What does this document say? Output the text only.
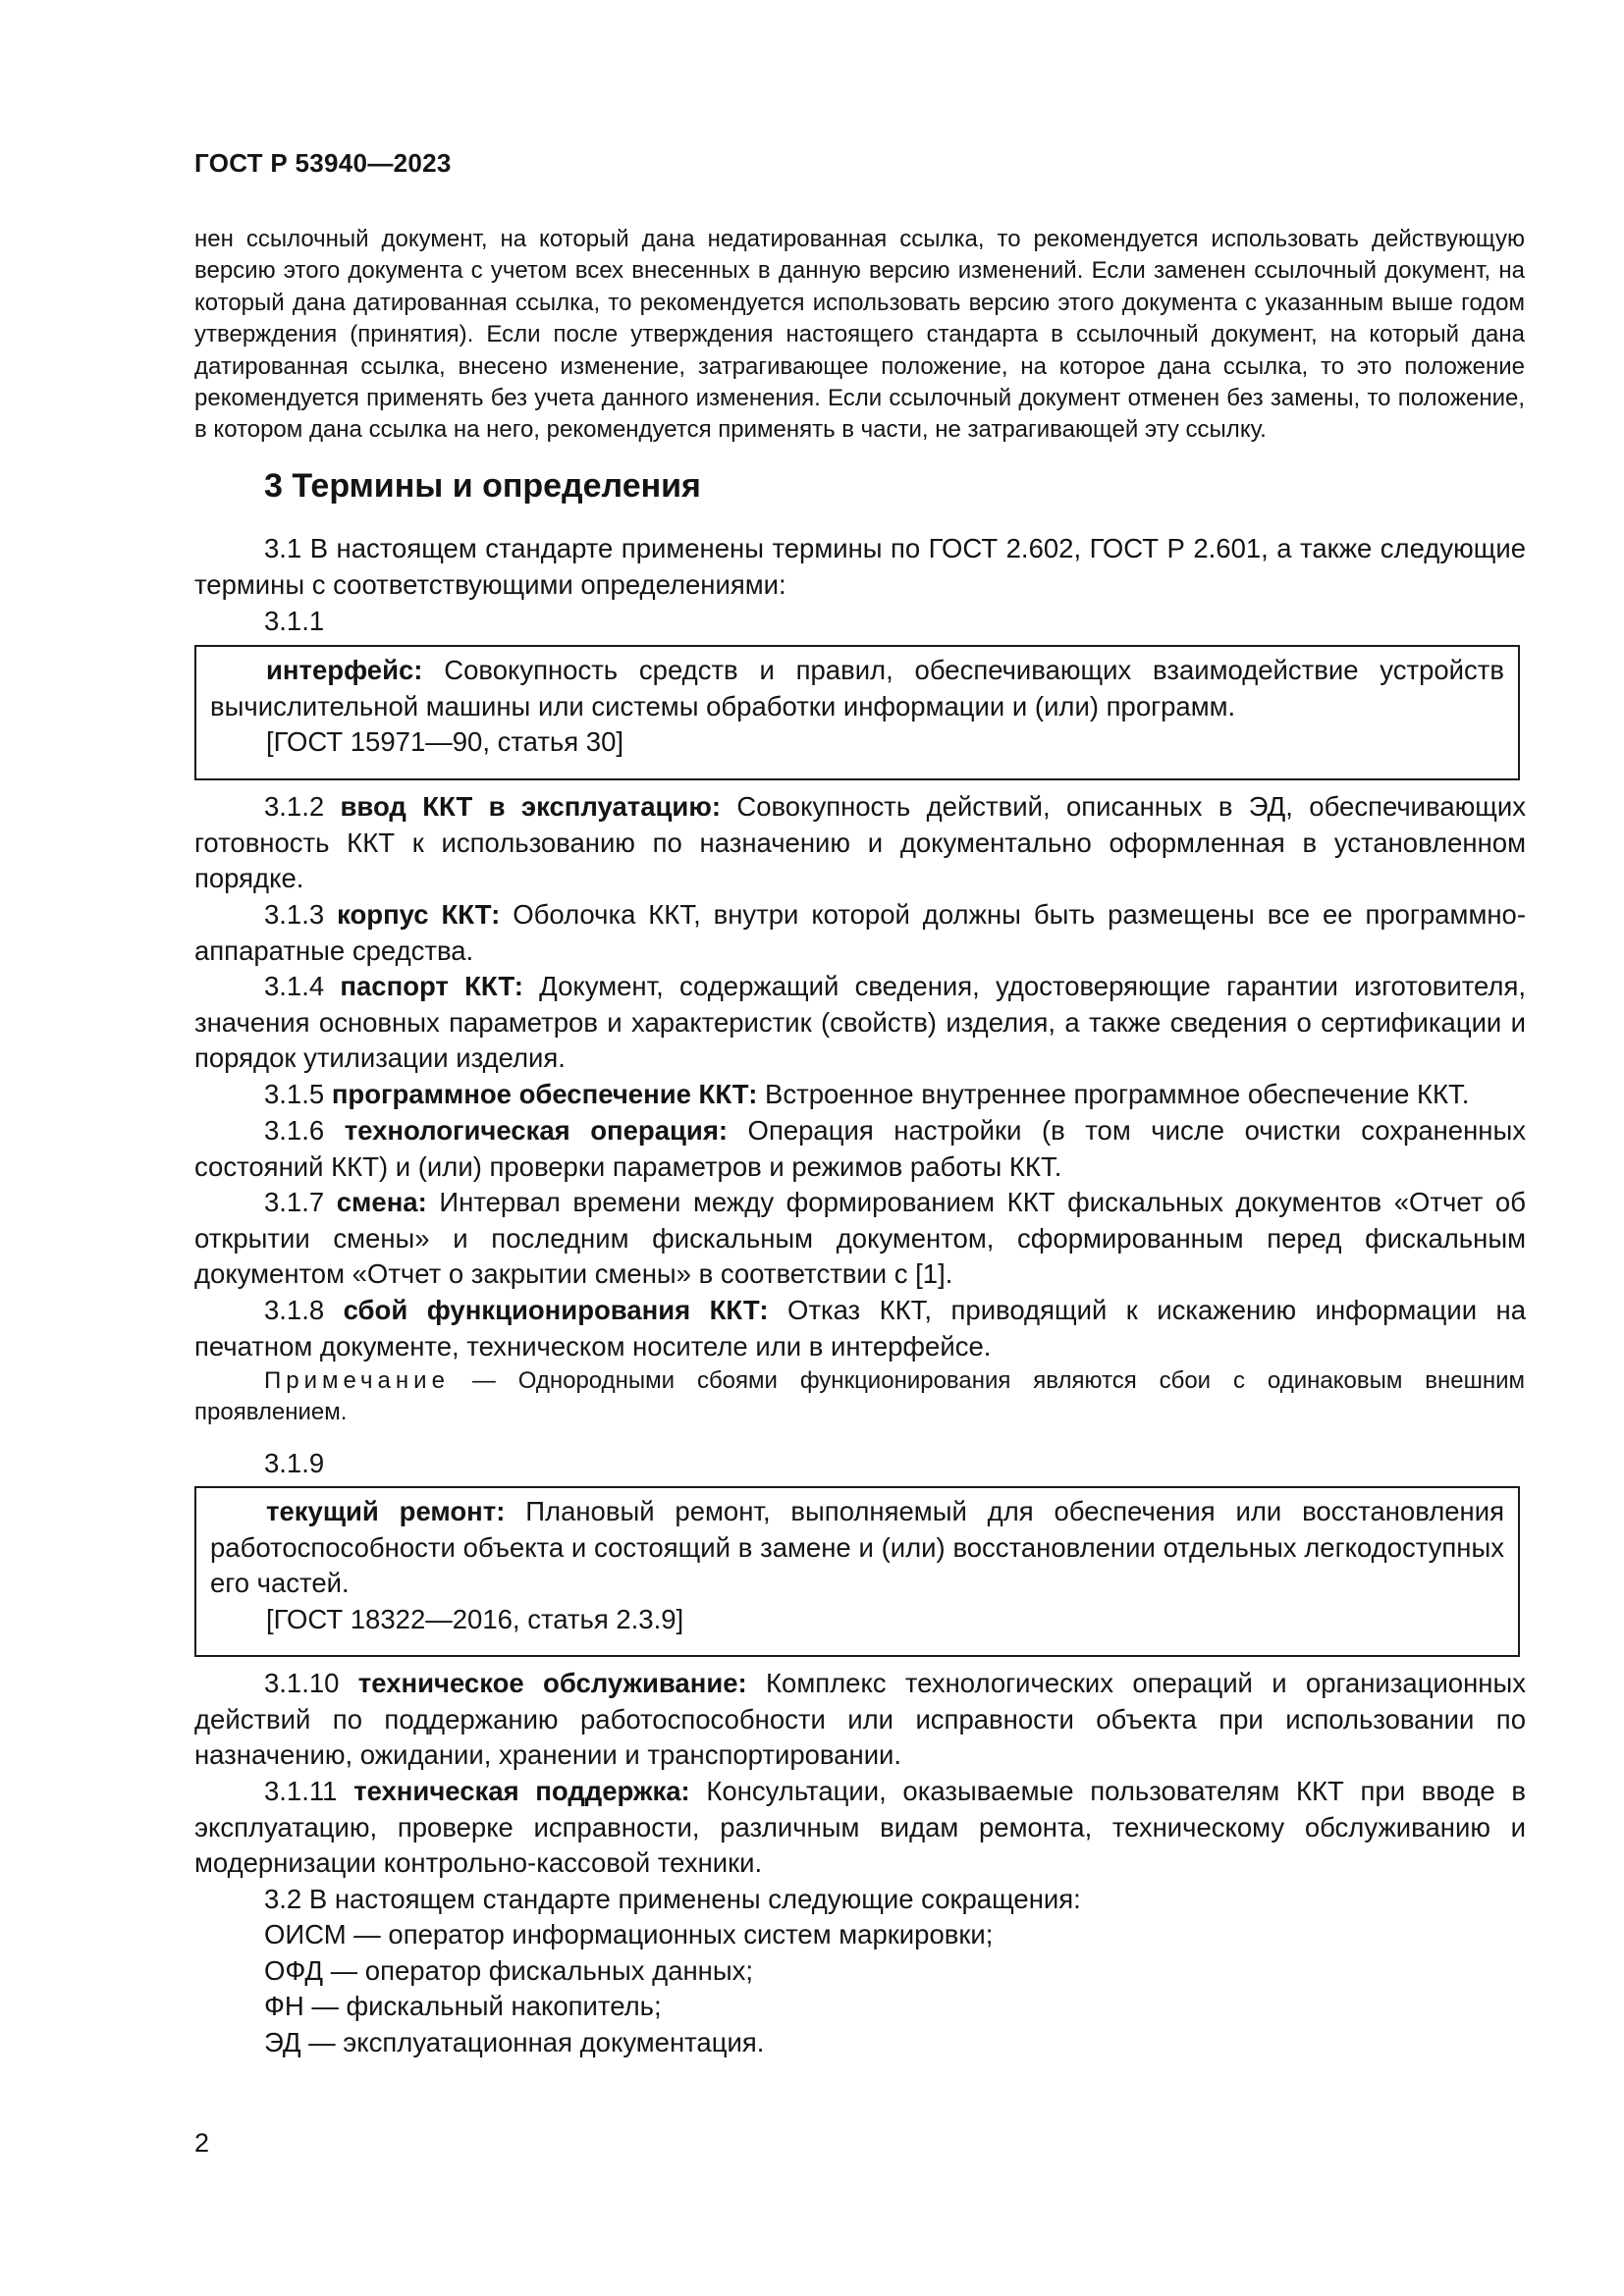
ГОСТ Р 53940—2023
нен ссылочный документ, на который дана недатированная ссылка, то рекомендуется использовать действующую версию этого документа с учетом всех внесенных в данную версию изменений. Если заменен ссылочный документ, на который дана датированная ссылка, то рекомендуется использовать версию этого документа с указанным выше годом утверждения (принятия). Если после утверждения настоящего стандарта в ссылочный документ, на который дана датированная ссылка, внесено изменение, затрагивающее положение, на которое дана ссылка, то это положение рекомендуется применять без учета данного изменения. Если ссылочный документ отменен без замены, то положение, в котором дана ссылка на него, рекомендуется применять в части, не затрагивающей эту ссылку.
3 Термины и определения
3.1 В настоящем стандарте применены термины по ГОСТ 2.602, ГОСТ Р 2.601, а также следующие термины с соответствующими определениями:
3.1.1
интерфейс: Совокупность средств и правил, обеспечивающих взаимодействие устройств вычислительной машины или системы обработки информации и (или) программ.
[ГОСТ 15971—90, статья 30]
3.1.2 ввод ККТ в эксплуатацию: Совокупность действий, описанных в ЭД, обеспечивающих готовность ККТ к использованию по назначению и документально оформленная в установленном порядке.
3.1.3 корпус ККТ: Оболочка ККТ, внутри которой должны быть размещены все ее программно-аппаратные средства.
3.1.4 паспорт ККТ: Документ, содержащий сведения, удостоверяющие гарантии изготовителя, значения основных параметров и характеристик (свойств) изделия, а также сведения о сертификации и порядок утилизации изделия.
3.1.5 программное обеспечение ККТ: Встроенное внутреннее программное обеспечение ККТ.
3.1.6 технологическая операция: Операция настройки (в том числе очистки сохраненных состояний ККТ) и (или) проверки параметров и режимов работы ККТ.
3.1.7 смена: Интервал времени между формированием ККТ фискальных документов «Отчет об открытии смены» и последним фискальным документом, сформированным перед фискальным документом «Отчет о закрытии смены» в соответствии с [1].
3.1.8 сбой функционирования ККТ: Отказ ККТ, приводящий к искажению информации на печатном документе, техническом носителе или в интерфейсе.
Примечание — Однородными сбоями функционирования являются сбои с одинаковым внешним проявлением.
3.1.9
текущий ремонт: Плановый ремонт, выполняемый для обеспечения или восстановления работоспособности объекта и состоящий в замене и (или) восстановлении отдельных легкодоступных его частей.
[ГОСТ 18322—2016, статья 2.3.9]
3.1.10 техническое обслуживание: Комплекс технологических операций и организационных действий по поддержанию работоспособности или исправности объекта при использовании по назначению, ожидании, хранении и транспортировании.
3.1.11 техническая поддержка: Консультации, оказываемые пользователям ККТ при вводе в эксплуатацию, проверке исправности, различным видам ремонта, техническому обслуживанию и модернизации контрольно-кассовой техники.
3.2 В настоящем стандарте применены следующие сокращения:
ОИСМ — оператор информационных систем маркировки;
ОФД — оператор фискальных данных;
ФН — фискальный накопитель;
ЭД — эксплуатационная документация.
2
